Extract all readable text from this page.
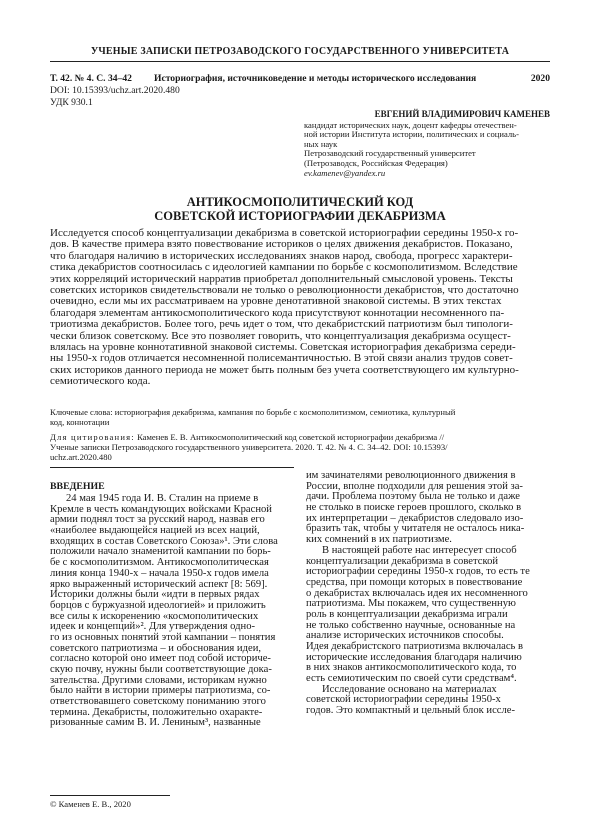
УЧЕНЫЕ ЗАПИСКИ ПЕТРОЗАВОДСКОГО ГОСУДАРСТВЕННОГО УНИВЕРСИТЕТА
Т. 42. № 4. С. 34–42 Историография, источниковедение и методы исторического исследования	2020
DOI: 10.15393/uchz.art.2020.480
УДК 930.1
ЕВГЕНИЙ ВЛАДИМИРОВИЧ КАМЕНЕВ
кандидат исторических наук, доцент кафедры отечествен-
ной истории Института истории, политических и социаль-
ных наук
Петрозаводский государственный университет
(Петрозаводск, Российская Федерация)
ev.kamenev@yandex.ru
АНТИКОСМОПОЛИТИЧЕСКИЙ КОД
СОВЕТСКОЙ ИСТОРИОГРАФИИ ДЕКАБРИЗМА
Исследуется способ концептуализации декабризма в советской историографии середины 1950-х го-
дов. В качестве примера взято повествование историков о целях движения декабристов. Показано,
что благодаря наличию в исторических исследованиях знаков народ, свобода, прогресс характери-
стика декабристов соотносилась с идеологией кампании по борьбе с космополитизмом. Вследствие
этих корреляций исторический нарратив приобретал дополнительный смысловой уровень. Тексты
советских историков свидетельствовали не только о революционности декабристов, что достаточно
очевидно, если мы их рассматриваем на уровне денотативной знаковой системы. В этих текстах
благодаря элементам антикосмополитического кода присутствуют коннотации несомненного па-
триотизма декабристов. Более того, речь идет о том, что декабристский патриотизм был типологи-
чески близок советскому. Все это позволяет говорить, что концептуализация декабризма осущест-
влялась на уровне коннотативной знаковой системы. Советская историография декабризма середи-
ны 1950-х годов отличается несомненной полисемантичностью. В этой связи анализ трудов совет-
ских историков данного периода не может быть полным без учета соответствующего им культурно-
семиотического кода.
Ключевые слова: историография декабризма, кампания по борьбе с космополитизмом, семиотика, культурный
код, коннотации
Для цитирования: Каменев Е. В. Антикосмополитический код советской историографии декабризма //
Ученые записки Петрозаводского государственного университета. 2020. Т. 42. № 4. С. 34–42. DOI: 10.15393/
uchz.art.2020.480
ВВЕДЕНИЕ
24 мая 1945 года И. В. Сталин на приеме в
Кремле в честь командующих войсками Красной
армии поднял тост за русский народ, назвав его
«наиболее выдающейся нацией из всех наций,
входящих в состав Советского Союза»¹. Эти слова
положили начало знаменитой кампании по борь-
бе с космополитизмом. Антикосмополитическая
линия конца 1940-х – начала 1950-х годов имела
ярко выраженный исторический аспект [8: 569].
Историки должны были «идти в первых рядах
борцов с буржуазной идеологией» и приложить
все силы к искоренению «космополитических
идеек и концепций»². Для утверждения одно-
го из основных понятий этой кампании – понятия
советского патриотизма – и обоснования идеи,
согласно которой оно имеет под собой историче-
скую почву, нужны были соответствующие дока-
зательства. Другими словами, историкам нужно
было найти в истории примеры патриотизма, со-
ответствовавшего советскому пониманию этого
термина. Декабристы, положительно охаракте-
ризованные самим В. И. Лениным³, названные
им зачинателями революционного движения в
России, вполне подходили для решения этой за-
дачи. Проблема поэтому была не только и даже
не столько в поиске героев прошлого, сколько в
их интерпретации – декабристов следовало изо-
бразить так, чтобы у читателя не осталось ника-
ких сомнений в их патриотизме.
В настоящей работе нас интересует способ
концептуализации декабризма в советской
историографии середины 1950-х годов, то есть те
средства, при помощи которых в повествование
о декабристах включалась идея их несомненного
патриотизма. Мы покажем, что существенную
роль в концептуализации декабризма играли
не только собственно научные, основанные на
анализе исторических источников способы.
Идея декабристского патриотизма включалась в
исторические исследования благодаря наличию
в них знаков антикосмополитического кода, то
есть семиотическим по своей сути средствам⁴.
Исследование основано на материалах
советской историографии середины 1950-х
годов. Это компактный и цельный блок иссле-
© Каменев Е. В., 2020
